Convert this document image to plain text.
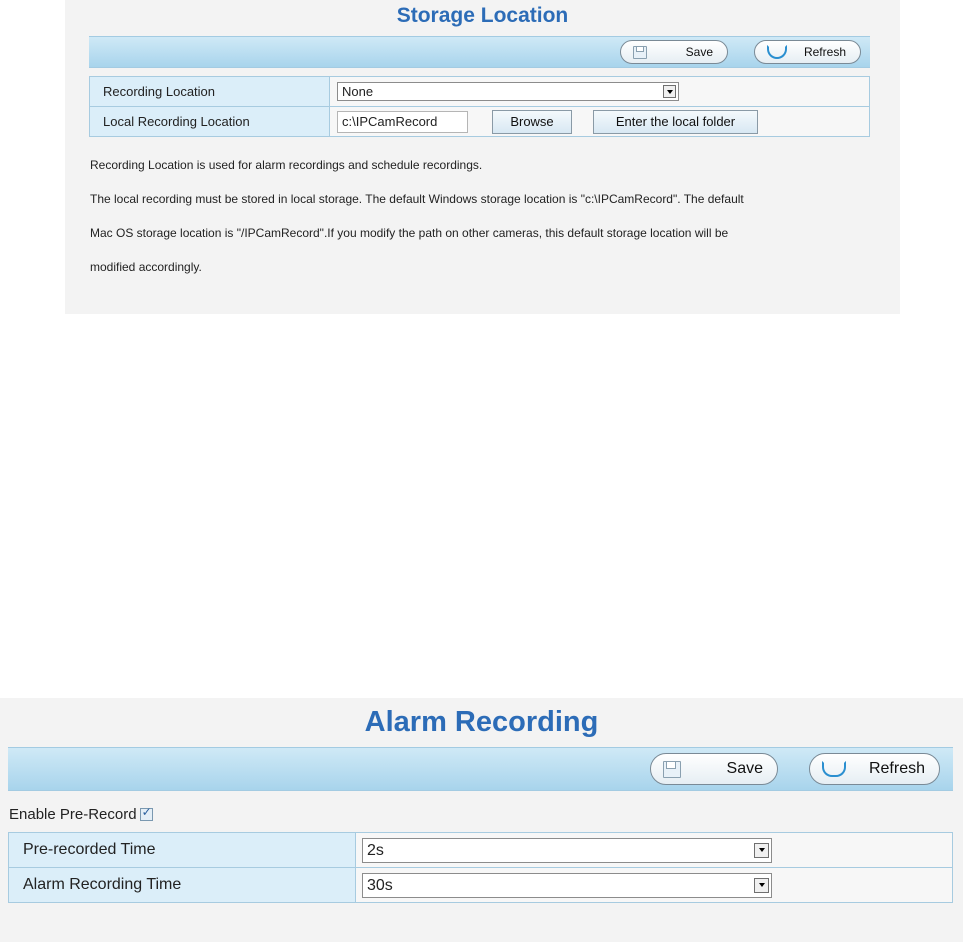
Storage Location
Save	Refresh
Recording Location	None

Local Recording Location	c:\IPCamRecord Browse Enter the local folder
Recording Location is used for alarm recordings and schedule recordings.
The local recording must be stored in local storage. The default Windows storage location is "c:\IPCamRecord". The default
Mac OS storage location is "/IPCamRecord".If you modify the path on other cameras, this default storage location will be
modified accordingly.
Alarm Recording
Save	Refresh
Enable Pre-Record
✓
Pre-recorded Time	2s

Alarm Recording Time	30s
